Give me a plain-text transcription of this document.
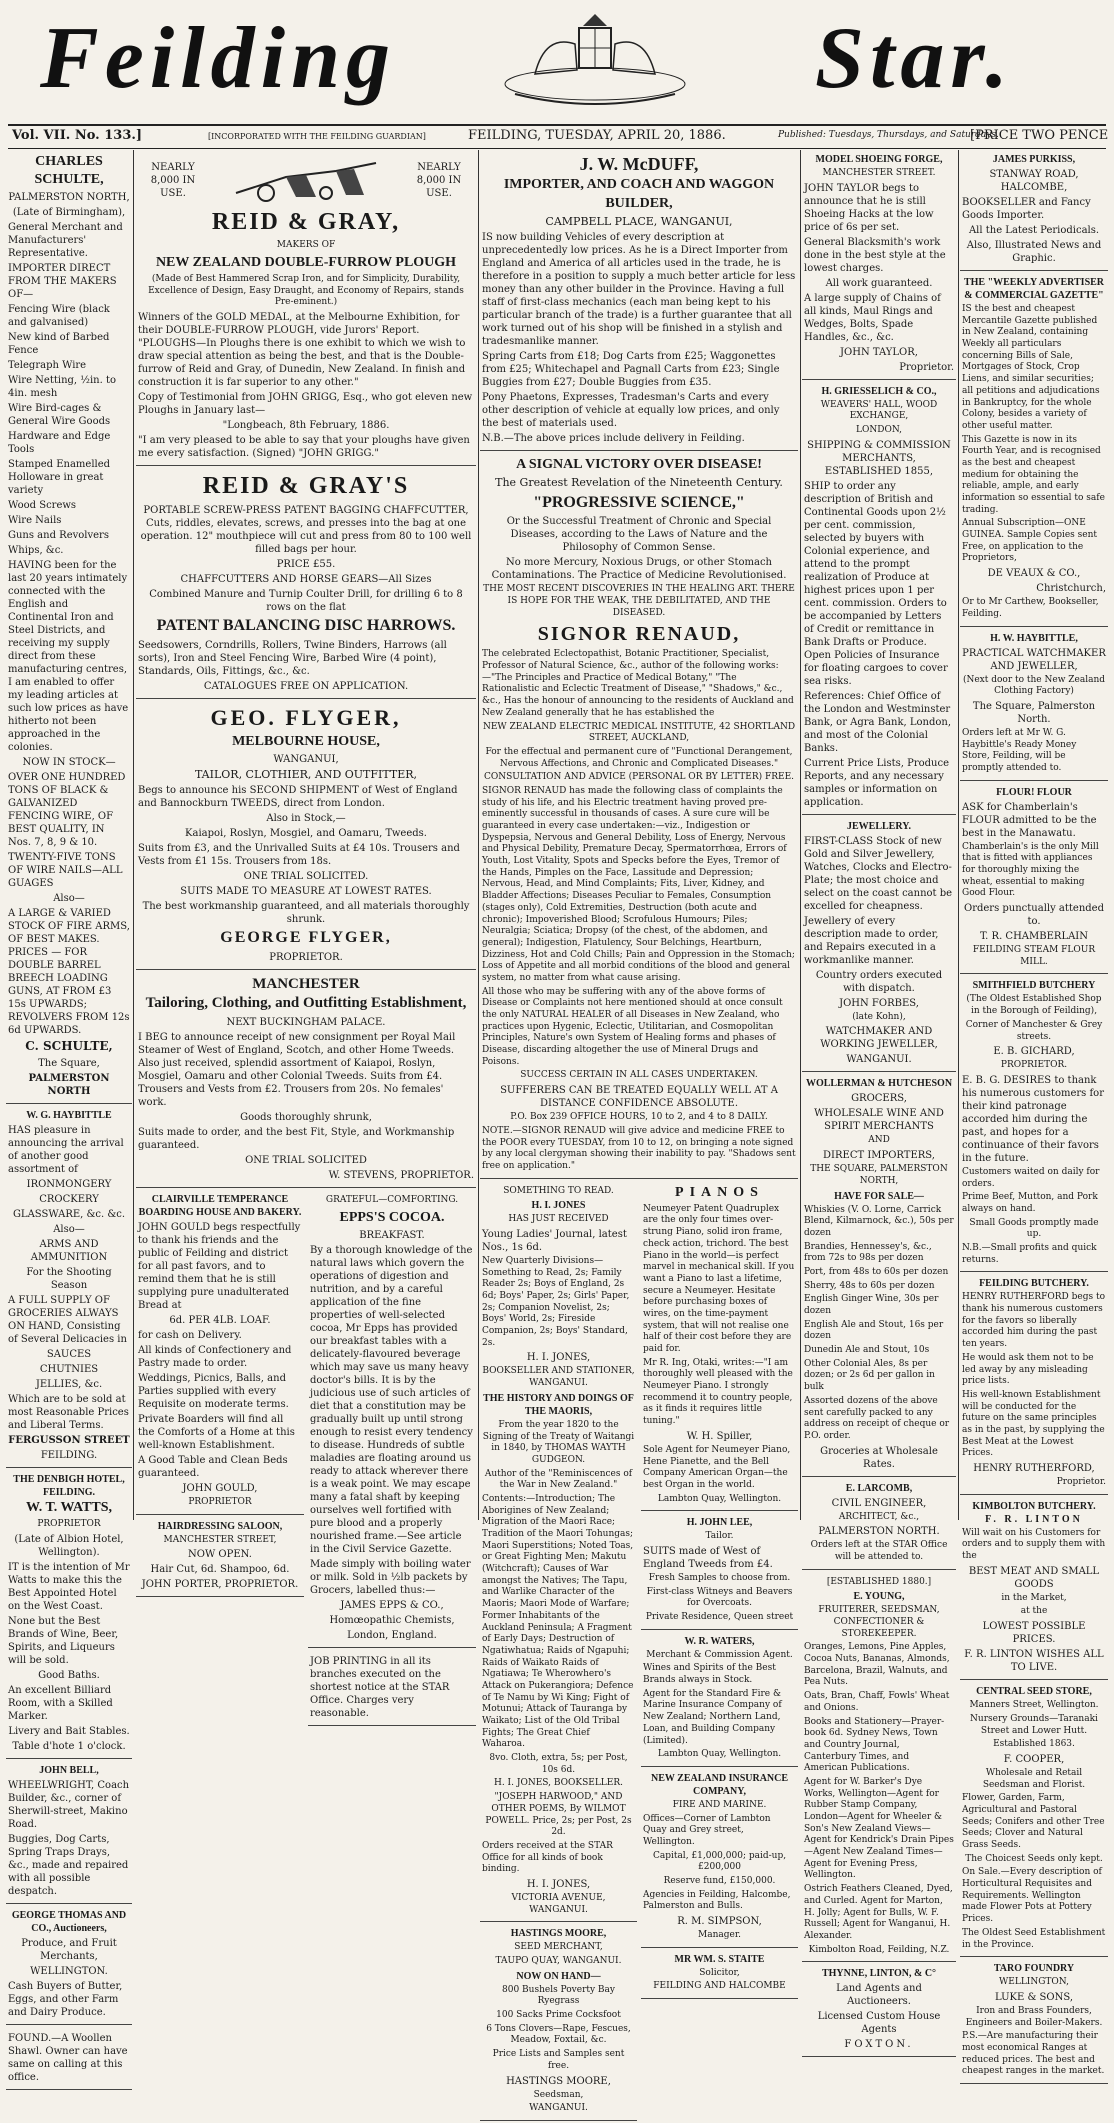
Feilding	Star.
Vol. VII. No. 133.]	[INCORPORATED WITH THE FEILDING GUARDIAN]	FEILDING, TUESDAY, APRIL 20, 1886.	Published: Tuesdays, Thursdays, and Saturdays.
[PRICE TWO PENCE
CHARLES SCHULTE,

PALMERSTON NORTH,

(Late of Birmingham),

General Merchant and Manufacturers' Representative.

IMPORTER DIRECT FROM THE MAKERS OF—

Fencing Wire (black and galvanised)

New kind of Barbed Fence

Telegraph Wire

Wire Netting, ½in. to 4in. mesh

Wire Bird-cages & General Wire Goods

Hardware and Edge Tools

Stamped Enamelled Holloware in great variety

Wood Screws

Wire Nails

Guns and Revolvers

Whips, &c.

HAVING been for the last 20 years intimately connected with the English and Continental Iron and Steel Districts, and receiving my supply direct from these manufacturing centres, I am enabled to offer my leading articles at such low prices as have hitherto not been approached in the colonies.

NOW IN STOCK—

OVER ONE HUNDRED TONS OF BLACK & GALVANIZED FENCING WIRE, OF BEST QUALITY, IN Nos. 7, 8, 9 & 10.

TWENTY-FIVE TONS OF WIRE NAILS—ALL GUAGES

Also—

A LARGE & VARIED STOCK OF FIRE ARMS, OF BEST MAKES. PRICES — FOR DOUBLE BARREL BREECH LOADING GUNS, AT FROM £3 15s UPWARDS; REVOLVERS FROM 12s 6d UPWARDS.

C. SCHULTE,

The Square,

PALMERSTON NORTH

W. G. HAYBITTLE

HAS pleasure in announcing the arrival of another good assortment of

IRONMONGERY

CROCKERY

GLASSWARE, &c. &c.

Also—

ARMS AND AMMUNITION

For the Shooting Season

A FULL SUPPLY OF GROCERIES ALWAYS ON HAND, Consisting of Several Delicacies in

SAUCES

CHUTNIES

JELLIES, &c.

Which are to be sold at most Reasonable Prices and Liberal Terms.

FERGUSSON STREET

FEILDING.

THE DENBIGH HOTEL, FEILDING.
W. T. WATTS,

PROPRIETOR

(Late of Albion Hotel, Wellington).

IT is the intention of Mr Watts to make this the Best Appointed Hotel on the West Coast.

None but the Best Brands of Wine, Beer, Spirits, and Liqueurs will be sold.

Good Baths.

An excellent Billiard Room, with a Skilled Marker.

Livery and Bait Stables.

Table d'hote 1 o'clock.

JOHN BELL,

WHEELWRIGHT, Coach Builder, &c., corner of Sherwill-street, Makino Road.

Buggies, Dog Carts, Spring Traps Drays, &c., made and repaired with all possible despatch.

GEORGE THOMAS AND CO., Auctioneers,

Produce, and Fruit Merchants,

WELLINGTON.

Cash Buyers of Butter, Eggs, and other Farm and Dairy Produce.

FOUND.—A Woollen Shawl. Owner can have same on calling at this office.

NEARLY 8,000 IN USE.
NEARLY 8,000 IN USE.
REID & GRAY,

MAKERS OF

NEW ZEALAND DOUBLE-FURROW PLOUGH

(Made of Best Hammered Scrap Iron, and for Simplicity, Durability, Excellence of Design, Easy Draught, and Economy of Repairs, stands Pre-eminent.)

Winners of the GOLD MEDAL, at the Melbourne Exhibition, for their DOUBLE-FURROW PLOUGH, vide Jurors' Report. "PLOUGHS—In Ploughs there is one exhibit to which we wish to draw special attention as being the best, and that is the Double-furrow of Reid and Gray, of Dunedin, New Zealand. In finish and construction it is far superior to any other."

Copy of Testimonial from JOHN GRIGG, Esq., who got eleven new Ploughs in January last—

"Longbeach, 8th February, 1886.

"I am very pleased to be able to say that your ploughs have given me every satisfaction. (Signed) "JOHN GRIGG."

REID & GRAY'S

PORTABLE SCREW-PRESS PATENT BAGGING CHAFFCUTTER, Cuts, riddles, elevates, screws, and presses into the bag at one operation. 12" mouthpiece will cut and press from 80 to 100 well filled bags per hour.

PRICE £55.

CHAFFCUTTERS AND HORSE GEARS—All Sizes

Combined Manure and Turnip Coulter Drill, for drilling 6 to 8 rows on the flat

PATENT BALANCING DISC HARROWS.

Seedsowers, Corndrills, Rollers, Twine Binders, Harrows (all sorts), Iron and Steel Fencing Wire, Barbed Wire (4 point), Standards, Oils, Fittings, &c., &c.

CATALOGUES FREE ON APPLICATION.

GEO. FLYGER,
MELBOURNE HOUSE,

WANGANUI,

TAILOR, CLOTHIER, AND OUTFITTER,

Begs to announce his SECOND SHIPMENT of West of England and Bannockburn TWEEDS, direct from London.

Also in Stock,—

Kaiapoi, Roslyn, Mosgiel, and Oamaru, Tweeds.

Suits from £3, and the Unrivalled Suits at £4 10s. Trousers and Vests from £1 15s. Trousers from 18s.

ONE TRIAL SOLICITED.

SUITS MADE TO MEASURE AT LOWEST RATES.

The best workmanship guaranteed, and all materials thoroughly shrunk.

GEORGE FLYGER,

PROPRIETOR.

MANCHESTER
Tailoring, Clothing, and Outfitting Establishment,

NEXT BUCKINGHAM PALACE.

I BEG to announce receipt of new consignment per Royal Mail Steamer of West of England, Scotch, and other Home Tweeds. Also just received, splendid assortment of Kaiapoi, Roslyn, Mosgiel, Oamaru and other Colonial Tweeds. Suits from £4. Trousers and Vests from £2. Trousers from 20s. No females' work.

Goods thoroughly shrunk,

Suits made to order, and the best Fit, Style, and Workmanship guaranteed.

ONE TRIAL SOLICITED

W. STEVENS, PROPRIETOR.

CLAIRVILLE TEMPERANCE BOARDING HOUSE AND BAKERY.

JOHN GOULD begs respectfully to thank his friends and the public of Feilding and district for all past favors, and to remind them that he is still supplying pure unadulterated Bread at

6d. PER 4LB. LOAF.

for cash on Delivery.

All kinds of Confectionery and Pastry made to order.

Weddings, Picnics, Balls, and Parties supplied with every Requisite on moderate terms.

Private Boarders will find all the Comforts of a Home at this well-known Establishment.

A Good Table and Clean Beds guaranteed.

JOHN GOULD,

PROPRIETOR

HAIRDRESSING SALOON,

MANCHESTER STREET,

NOW OPEN.

Hair Cut, 6d. Shampoo, 6d.

JOHN PORTER, PROPRIETOR.

GRATEFUL—COMFORTING.

EPPS'S COCOA.

BREAKFAST.

By a thorough knowledge of the natural laws which govern the operations of digestion and nutrition, and by a careful application of the fine properties of well-selected cocoa, Mr Epps has provided our breakfast tables with a delicately-flavoured beverage which may save us many heavy doctor's bills. It is by the judicious use of such articles of diet that a constitution may be gradually built up until strong enough to resist every tendency to disease. Hundreds of subtle maladies are floating around us ready to attack wherever there is a weak point. We may escape many a fatal shaft by keeping ourselves well fortified with pure blood and a properly nourished frame.—See article in the Civil Service Gazette.

Made simply with boiling water or milk. Sold in ½lb packets by Grocers, labelled thus:—

JAMES EPPS & CO.,

Homœopathic Chemists,

London, England.

JOB PRINTING in all its branches executed on the shortest notice at the STAR Office. Charges very reasonable.

J. W. McDUFF,
IMPORTER, AND COACH AND WAGGON BUILDER,

CAMPBELL PLACE, WANGANUI,

IS now building Vehicles of every description at unprecedentedly low prices. As he is a Direct Importer from England and America of all articles used in the trade, he is therefore in a position to supply a much better article for less money than any other builder in the Province. Having a full staff of first-class mechanics (each man being kept to his particular branch of the trade) is a further guarantee that all work turned out of his shop will be finished in a stylish and tradesmanlike manner.

Spring Carts from £18; Dog Carts from £25; Waggonettes from £25; Whitechapel and Pagnall Carts from £23; Single Buggies from £27; Double Buggies from £35.

Pony Phaetons, Expresses, Tradesman's Carts and every other description of vehicle at equally low prices, and only the best of materials used.

N.B.—The above prices include delivery in Feilding.

A SIGNAL VICTORY OVER DISEASE!

The Greatest Revelation of the Nineteenth Century.

"PROGRESSIVE SCIENCE,"

Or the Successful Treatment of Chronic and Special Diseases, according to the Laws of Nature and the Philosophy of Common Sense.

No more Mercury, Noxious Drugs, or other Stomach Contaminations. The Practice of Medicine Revolutionised.

THE MOST RECENT DISCOVERIES IN THE HEALING ART. THERE IS HOPE FOR THE WEAK, THE DEBILITATED, AND THE DISEASED.

SIGNOR RENAUD,

The celebrated Eclectopathist, Botanic Practitioner, Specialist, Professor of Natural Science, &c., author of the following works:—"The Principles and Practice of Medical Botany," "The Rationalistic and Eclectic Treatment of Disease," "Shadows," &c., &c., Has the honour of announcing to the residents of Auckland and New Zealand generally that he has established the

NEW ZEALAND ELECTRIC MEDICAL INSTITUTE, 42 SHORTLAND STREET, AUCKLAND,

For the effectual and permanent cure of "Functional Derangement, Nervous Affections, and Chronic and Complicated Diseases."

CONSULTATION AND ADVICE (PERSONAL OR BY LETTER) FREE.

SIGNOR RENAUD has made the following class of complaints the study of his life, and his Electric treatment having proved pre-eminently successful in thousands of cases. A sure cure will be guaranteed in every case undertaken:—viz., Indigestion or Dyspepsia, Nervous and General Debility, Loss of Energy, Nervous and Physical Debility, Premature Decay, Spermatorrhœa, Errors of Youth, Lost Vitality, Spots and Specks before the Eyes, Tremor of the Hands, Pimples on the Face, Lassitude and Depression; Nervous, Head, and Mind Complaints; Fits, Liver, Kidney, and Bladder Affections; Diseases Peculiar to Females, Consumption (stages only), Cold Extremities, Destruction (both acute and chronic); Impoverished Blood; Scrofulous Humours; Piles; Neuralgia; Sciatica; Dropsy (of the chest, of the abdomen, and general); Indigestion, Flatulency, Sour Belchings, Heartburn, Dizziness, Hot and Cold Chills; Pain and Oppression in the Stomach; Loss of Appetite and all morbid conditions of the blood and general system, no matter from what cause arising.

All those who may be suffering with any of the above forms of Disease or Complaints not here mentioned should at once consult the only NATURAL HEALER of all Diseases in New Zealand, who practices upon Hygenic, Eclectic, Utilitarian, and Cosmopolitan Principles, Nature's own System of Healing forms and phases of Disease, discarding altogether the use of Mineral Drugs and Poisons.

SUCCESS CERTAIN IN ALL CASES UNDERTAKEN.

SUFFERERS CAN BE TREATED EQUALLY WELL AT A DISTANCE CONFIDENCE ABSOLUTE.

P.O. Box 239 OFFICE HOURS, 10 to 2, and 4 to 8 DAILY.

NOTE.—SIGNOR RENAUD will give advice and medicine FREE to the POOR every TUESDAY, from 10 to 12, on bringing a note signed by any local clergyman showing their inability to pay. "Shadows sent free on application."

SOMETHING TO READ.

H. I. JONES

HAS JUST RECEIVED

Young Ladies' Journal, latest Nos., 1s 6d.

New Quarterly Divisions—Something to Read, 2s; Family Reader 2s; Boys of England, 2s 6d; Boys' Paper, 2s; Girls' Paper, 2s; Companion Novelist, 2s; Boys' World, 2s; Fireside Companion, 2s; Boys' Standard, 2s.

H. I. JONES,

BOOKSELLER AND STATIONER, WANGANUI.

THE HISTORY AND DOINGS OF THE MAORIS,

From the year 1820 to the Signing of the Treaty of Waitangi in 1840, by THOMAS WAYTH GUDGEON.

Author of the "Reminiscences of the War in New Zealand."

Contents:—Introduction; The Aborigines of New Zealand; Migration of the Maori Race; Tradition of the Maori Tohungas; Maori Superstitions; Noted Toas, or Great Fighting Men; Makutu (Witchcraft); Causes of War amongst the Natives; The Tapu, and Warlike Character of the Maoris; Maori Mode of Warfare; Former Inhabitants of the Auckland Peninsula; A Fragment of Early Days; Destruction of Ngatiwhatua; Raids of Ngapuhi; Raids of Waikato Raids of Ngatiawa; Te Wherowhero's Attack on Pukerangiora; Defence of Te Namu by Wi King; Fight of Motunui; Attack of Tauranga by Waikato; List of the Old Tribal Fights; The Great Chief Waharoa.

8vo. Cloth, extra, 5s; per Post, 10s 6d.

H. I. JONES, BOOKSELLER.

"JOSEPH HARWOOD," AND OTHER POEMS, By WILMOT POWELL. Price, 2s; per Post, 2s 2d.

Orders received at the STAR Office for all kinds of book binding.

H. I. JONES,

VICTORIA AVENUE, WANGANUI.

HASTINGS MOORE,

SEED MERCHANT,

TAUPO QUAY, WANGANUI.

NOW ON HAND—

800 Bushels Poverty Bay Ryegrass

100 Sacks Prime Cocksfoot

6 Tons Clovers—Rape, Fescues, Meadow, Foxtail, &c.

Price Lists and Samples sent free.

HASTINGS MOORE,

Seedsman,

WANGANUI.

PIANOS

Neumeyer Patent Quadruplex are the only four times over-strung Piano, solid iron frame, check action, trichord. The best Piano in the world—is perfect marvel in mechanical skill. If you want a Piano to last a lifetime, secure a Neumeyer. Hesitate before purchasing boxes of wires, on the time-payment system, that will not realise one half of their cost before they are paid for.

Mr R. Ing, Otaki, writes:—"I am thoroughly well pleased with the Neumeyer Piano. I strongly recommend it to country people, as it finds it requires little tuning."

W. H. Spiller,

Sole Agent for Neumeyer Piano, Hene Pianette, and the Bell Company American Organ—the best Organ in the world.

Lambton Quay, Wellington.

H. JOHN LEE,

Tailor.

SUITS made of West of England Tweeds from £4.

Fresh Samples to choose from.

First-class Witneys and Beavers for Overcoats.

Private Residence, Queen street

W. R. WATERS,

Merchant & Commission Agent.

Wines and Spirits of the Best Brands always in Stock.

Agent for the Standard Fire & Marine Insurance Company of New Zealand; Northern Land, Loan, and Building Company (Limited).

Lambton Quay, Wellington.

NEW ZEALAND INSURANCE COMPANY,

FIRE AND MARINE.

Offices—Corner of Lambton Quay and Grey street, Wellington.

Capital, £1,000,000; paid-up, £200,000

Reserve fund, £150,000.

Agencies in Feilding, Halcombe, Palmerston and Bulls.

R. M. SIMPSON,

Manager.

MR WM. S. STAITE

Solicitor,

FEILDING AND HALCOMBE

MODEL SHOEING FORGE,

MANCHESTER STREET.

JOHN TAYLOR begs to announce that he is still Shoeing Hacks at the low price of 6s per set.

General Blacksmith's work done in the best style at the lowest charges.

All work guaranteed.

A large supply of Chains of all kinds, Maul Rings and Wedges, Bolts, Spade Handles, &c., &c.

JOHN TAYLOR,

Proprietor.

H. GRIESSELICH & CO.,

WEAVERS' HALL, WOOD EXCHANGE,

LONDON,

SHIPPING & COMMISSION MERCHANTS, ESTABLISHED 1855,

SHIP to order any description of British and Continental Goods upon 2½ per cent. commission, selected by buyers with Colonial experience, and attend to the prompt realization of Produce at highest prices upon 1 per cent. commission. Orders to be accompanied by Letters of Credit or remittance in Bank Drafts or Produce. Open Policies of Insurance for floating cargoes to cover sea risks.

References: Chief Office of the London and Westminster Bank, or Agra Bank, London, and most of the Colonial Banks.

Current Price Lists, Produce Reports, and any necessary samples or information on application.

JEWELLERY.

FIRST-CLASS Stock of new Gold and Silver Jewellery, Watches, Clocks and Electro-Plate; the most choice and select on the coast cannot be excelled for cheapness.

Jewellery of every description made to order, and Repairs executed in a workmanlike manner.

Country orders executed with dispatch.

JOHN FORBES,

(late Kohn),

WATCHMAKER AND WORKING JEWELLER,

WANGANUI.

WOLLERMAN & HUTCHESON

GROCERS,

WHOLESALE WINE AND SPIRIT MERCHANTS

AND

DIRECT IMPORTERS,

THE SQUARE, PALMERSTON NORTH,

HAVE FOR SALE—

Whiskies (V. O. Lorne, Carrick Blend, Kilmarnock, &c.), 50s per dozen

Brandies, Hennessey's, &c., from 72s to 98s per dozen

Port, from 48s to 60s per dozen

Sherry, 48s to 60s per dozen

English Ginger Wine, 30s per dozen

English Ale and Stout, 16s per dozen

Dunedin Ale and Stout, 10s

Other Colonial Ales, 8s per dozen; or 2s 6d per gallon in bulk

Assorted dozens of the above sent carefully packed to any address on receipt of cheque or P.O. order.

Groceries at Wholesale Rates.

E. LARCOMB,

CIVIL ENGINEER,

ARCHITECT, &c.,

PALMERSTON NORTH.

Orders left at the STAR Office will be attended to.

[ESTABLISHED 1880.]

E. YOUNG,

FRUITERER, SEEDSMAN, CONFECTIONER & STOREKEEPER.

Oranges, Lemons, Pine Apples, Cocoa Nuts, Bananas, Almonds, Barcelona, Brazil, Walnuts, and Pea Nuts.

Oats, Bran, Chaff, Fowls' Wheat and Onions.

Books and Stationery—Prayer-book 6d. Sydney News, Town and Country Journal, Canterbury Times, and American Publications.

Agent for W. Barker's Dye Works, Wellington—Agent for Rubber Stamp Company, London—Agent for Wheeler & Son's New Zealand Views—Agent for Kendrick's Drain Pipes—Agent New Zealand Times—Agent for Evening Press, Wellington.

Ostrich Feathers Cleaned, Dyed, and Curled. Agent for Marton, H. Jolly; Agent for Bulls, W. F. Russell; Agent for Wanganui, H. Alexander.

Kimbolton Road, Feilding, N.Z.

THYNNE, LINTON, & C°

Land Agents and Auctioneers.

Licensed Custom House Agents

FOXTON.

JAMES PURKISS,

STANWAY ROAD, HALCOMBE,

BOOKSELLER and Fancy Goods Importer.

All the Latest Periodicals.

Also, Illustrated News and Graphic.

THE "WEEKLY ADVERTISER & COMMERCIAL GAZETTE"

IS the best and cheapest Mercantile Gazette published in New Zealand, containing Weekly all particulars concerning Bills of Sale, Mortgages of Stock, Crop Liens, and similar securities; all petitions and adjudications in Bankruptcy, for the whole Colony, besides a variety of other useful matter.

This Gazette is now in its Fourth Year, and is recognised as the best and cheapest medium for obtaining the reliable, ample, and early information so essential to safe trading.

Annual Subscription—ONE GUINEA. Sample Copies sent Free, on application to the Proprietors,

DE VEAUX & CO.,

Christchurch,

Or to Mr Carthew, Bookseller, Feilding.

H. W. HAYBITTLE,

PRACTICAL WATCHMAKER AND JEWELLER,

(Next door to the New Zealand Clothing Factory)

The Square, Palmerston North.

Orders left at Mr W. G. Haybittle's Ready Money Store, Feilding, will be promptly attended to.

FLOUR! FLOUR

ASK for Chamberlain's FLOUR admitted to be the best in the Manawatu.

Chamberlain's is the only Mill that is fitted with appliances for thoroughly mixing the wheat, essential to making Good Flour.

Orders punctually attended to.

T. R. CHAMBERLAIN

FEILDING STEAM FLOUR MILL.

SMITHFIELD BUTCHERY

(The Oldest Established Shop in the Borough of Feilding),

Corner of Manchester & Grey streets.

E. B. GICHARD,

PROPRIETOR.

E. B. G. DESIRES to thank his numerous customers for their kind patronage accorded him during the past, and hopes for a continuance of their favors in the future.

Customers waited on daily for orders.

Prime Beef, Mutton, and Pork always on hand.

Small Goods promptly made up.

N.B.—Small profits and quick returns.

FEILDING BUTCHERY.

HENRY RUTHERFORD begs to thank his numerous customers for the favors so liberally accorded him during the past ten years.

He would ask them not to be led away by any misleading price lists.

His well-known Establishment will be conducted for the future on the same principles as in the past, by supplying the Best Meat at the Lowest Prices.

HENRY RUTHERFORD,

Proprietor.

KIMBOLTON BUTCHERY.
F. R. LINTON

Will wait on his Customers for orders and to supply them with the

BEST MEAT AND SMALL GOODS

in the Market,

at the

LOWEST POSSIBLE PRICES.

F. R. LINTON WISHES ALL TO LIVE.

CENTRAL SEED STORE,

Manners Street, Wellington.

Nursery Grounds—Taranaki Street and Lower Hutt.

Established 1863.

F. COOPER,

Wholesale and Retail Seedsman and Florist.

Flower, Garden, Farm, Agricultural and Pastoral Seeds; Conifers and other Tree Seeds; Clover and Natural Grass Seeds.

The Choicest Seeds only kept.

On Sale.—Every description of Horticultural Requisites and Requirements. Wellington made Flower Pots at Pottery Prices.

The Oldest Seed Establishment in the Province.

TARO FOUNDRY

WELLINGTON,

LUKE & SONS,

Iron and Brass Founders, Engineers and Boiler-Makers.

P.S.—Are manufacturing their most economical Ranges at reduced prices. The best and cheapest ranges in the market.
